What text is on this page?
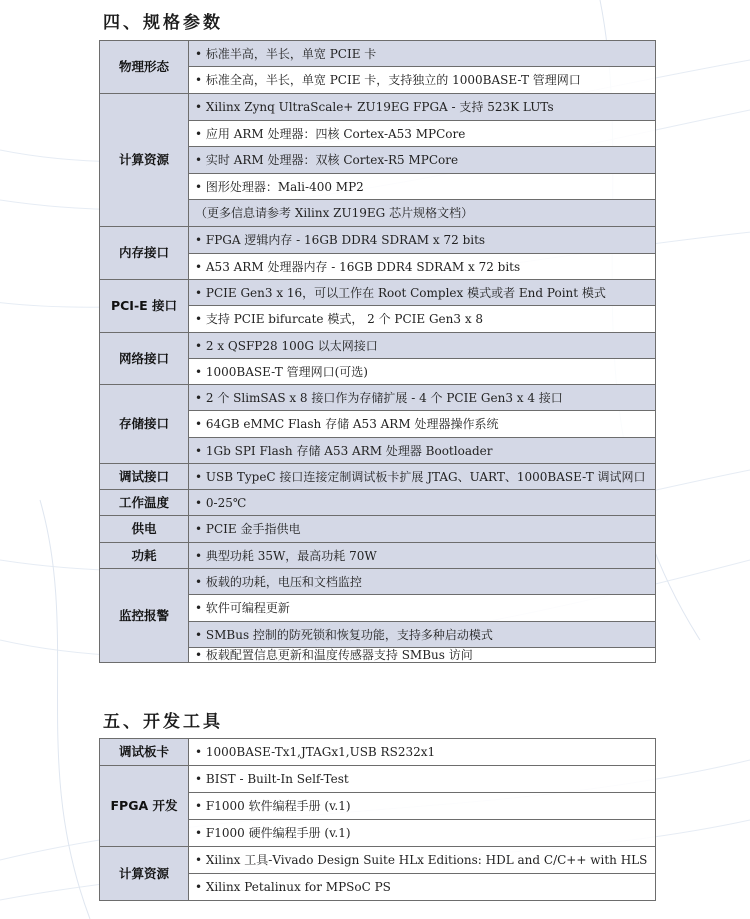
四、规格参数
物理形态	• 标准半高，半长，单宽 PCIE 卡
	• 标准全高，半长，单宽 PCIE 卡，支持独立的 1000BASE-T 管理网口
计算资源	• Xilinx Zynq UltraScale+ ZU19EG FPGA - 支持 523K LUTs
	• 应用 ARM 处理器：四核 Cortex-A53 MPCore
	• 实时 ARM 处理器：双核 Cortex-R5 MPCore
	• 图形处理器：Mali-400 MP2
	（更多信息请参考 Xilinx ZU19EG 芯片规格文档）
内存接口	• FPGA 逻辑内存 - 16GB DDR4 SDRAM x 72 bits
	• A53 ARM 处理器内存 - 16GB DDR4 SDRAM x 72 bits
PCI-E 接口	• PCIE Gen3 x 16，可以工作在 Root Complex 模式或者 End Point 模式
	• 支持 PCIE bifurcate 模式， 2 个 PCIE Gen3 x 8
网络接口	• 2 x QSFP28 100G 以太网接口
	• 1000BASE-T 管理网口(可选)
存储接口	• 2 个 SlimSAS x 8 接口作为存储扩展 - 4 个 PCIE Gen3 x 4 接口
	• 64GB eMMC Flash 存储 A53 ARM 处理器操作系统
	• 1Gb SPI Flash 存储 A53 ARM 处理器 Bootloader
调试接口	• USB TypeC 接口连接定制调试板卡扩展 JTAG、UART、1000BASE-T 调试网口
工作温度	• 0-25℃
供电	• PCIE 金手指供电
功耗	• 典型功耗 35W，最高功耗 70W
监控报警	• 板载的功耗，电压和文档监控
	• 软件可编程更新
	• SMBus 控制的防死锁和恢复功能，支持多种启动模式
	• 板载配置信息更新和温度传感器支持 SMBus 访问
五、开发工具
调试板卡	• 1000BASE-Tx1,JTAGx1,USB RS232x1
FPGA 开发	• BIST - Built-In Self-Test
	• F1000 软件编程手册 (v.1)
	• F1000 硬件编程手册 (v.1)
计算资源	• Xilinx 工具-Vivado Design Suite HLx Editions: HDL and C/C++ with HLS
	• Xilinx Petalinux for MPSoC PS
